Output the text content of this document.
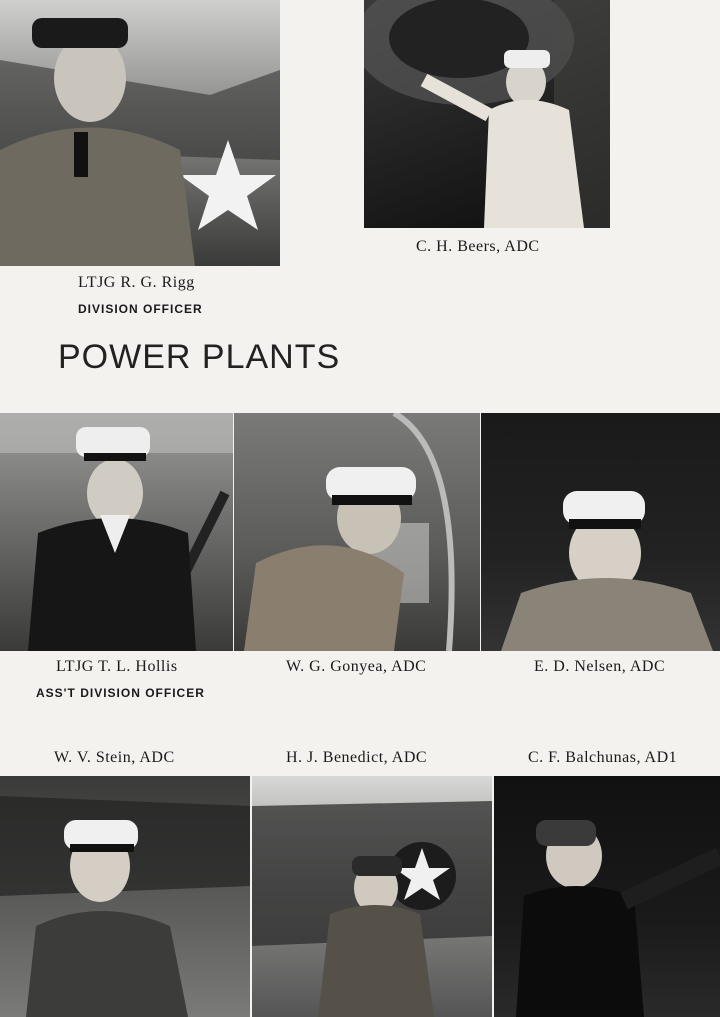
LTJG R. G. Rigg
DIVISION OFFICER
C. H. Beers, ADC
POWER PLANTS
LTJG T. L. Hollis
ASS'T DIVISION OFFICER
W. G. Gonyea, ADC	E. D. Nelsen, ADC
W. V. Stein, ADC	H. J. Benedict, ADC	C. F. Balchunas, AD1
